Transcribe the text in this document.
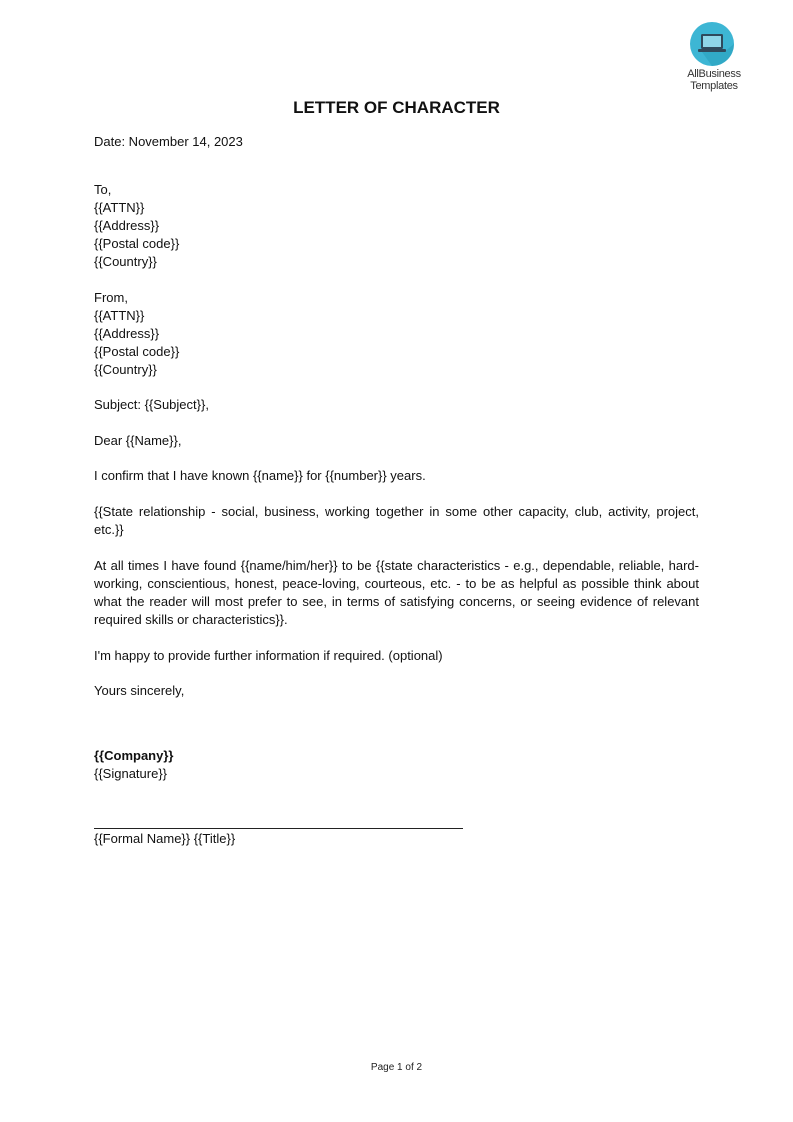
AllBusiness
Templates
LETTER OF CHARACTER

Date: November 14, 2023

To,
{{ATTN}}
{{Address}}
{{Postal code}}
{{Country}}
From,
{{ATTN}}
{{Address}}
{{Postal code}}
{{Country}}

Subject: {{Subject}},

Dear {{Name}},

I confirm that I have known {{name}} for {{number}} years.

{{State relationship - social, business, working together in some other capacity, club, activity, project, etc.}}

At all times I have found {{name/him/her}} to be {{state characteristics - e.g., dependable, reliable, hard-working, conscientious, honest, peace-loving, courteous, etc. - to be as helpful as possible think about what the reader will most prefer to see, in terms of satisfying concerns, or seeing evidence of relevant required skills or characteristics}}.

I'm happy to provide further information if required. (optional)

Yours sincerely,

{{Company}}

{{Signature}}

{{Formal Name}} {{Title}}

Page 1 of 2
